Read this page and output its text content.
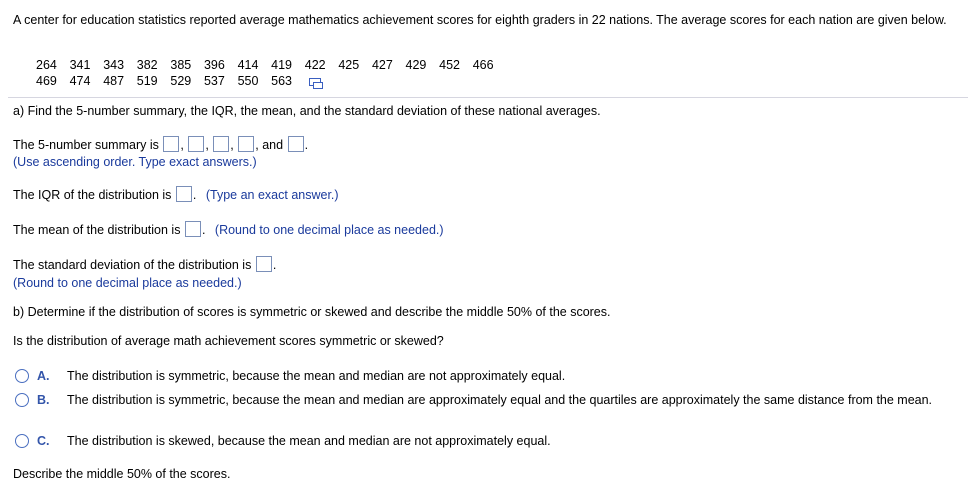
A center for education statistics reported average mathematics achievement scores for eighth graders in 22 nations. The average scores for each nation are given below.
264	341	343	382	385	396	414	419	422	425	427	429	452	466
469	474	487	519	529	537	550	563
a) Find the 5-number summary, the IQR, the mean, and the standard deviation of these national averages.
The 5-number summary is , , , , and .
(Use ascending order. Type exact answers.)
The IQR of the distribution is . (Type an exact answer.)
The mean of the distribution is . (Round to one decimal place as needed.)
The standard deviation of the distribution is .
(Round to one decimal place as needed.)
b) Determine if the distribution of scores is symmetric or skewed and describe the middle 50% of the scores.
Is the distribution of average math achievement scores symmetric or skewed?
A.	The distribution is symmetric, because the mean and median are not approximately equal.
B.	The distribution is symmetric, because the mean and median are approximately equal and the quartiles are approximately the same distance from the mean.
C.	The distribution is skewed, because the mean and median are not approximately equal.
Describe the middle 50% of the scores.
